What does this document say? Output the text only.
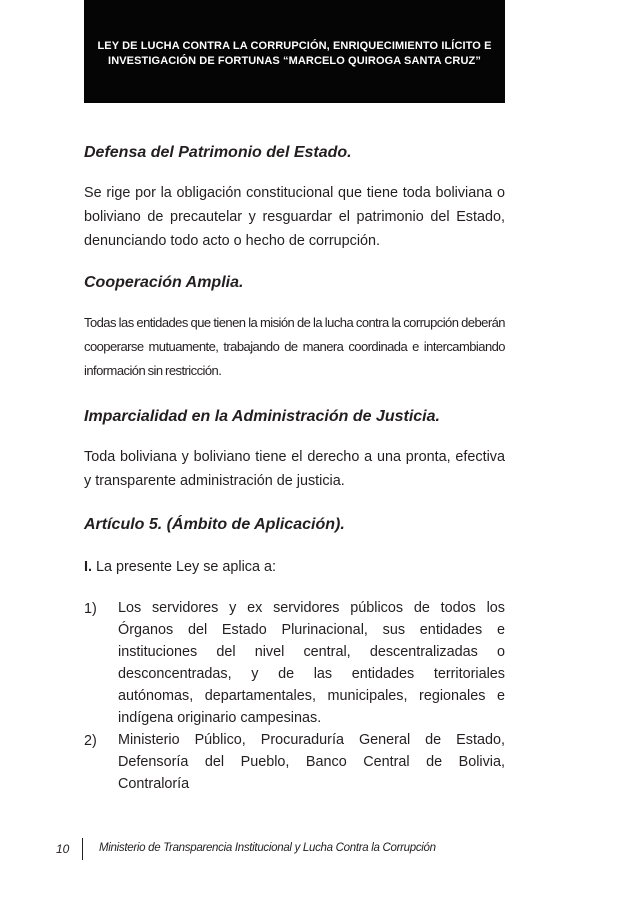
LEY DE LUCHA CONTRA LA CORRUPCIÓN, ENRIQUECIMIENTO ILÍCITO E
INVESTIGACIÓN DE FORTUNAS “MARCELO QUIROGA SANTA CRUZ”
Defensa del Patrimonio del Estado.

Se rige por la obligación constitucional que tiene toda boliviana o boliviano de precautelar y resguardar el patrimonio del Estado, denunciando todo acto o hecho de corrupción.

Cooperación Amplia.

Todas las entidades que tienen la misión de la lucha contra la corrupción deberán cooperarse mutuamente, trabajando de manera coordinada e intercambiando información sin restricción.

Imparcialidad en la Administración de Justicia.

Toda boliviana y boliviano tiene el derecho a una pronta, efectiva y transparente administración de justicia.

Artículo 5. (Ámbito de Aplicación).

I. La presente Ley se aplica a:

1) Los servidores y ex servidores públicos de todos los Órganos del Estado Plurinacional, sus entidades e instituciones del nivel central, descentralizadas o desconcentradas, y de las entidades territoriales autónomas, departamentales, municipales, regionales e indígena originario campesinas.
2) Ministerio Público, Procuraduría General de Estado, Defensoría del Pueblo, Banco Central de Bolivia, Contraloría
10	Ministerio de Transparencia Institucional y Lucha Contra la Corrupción
